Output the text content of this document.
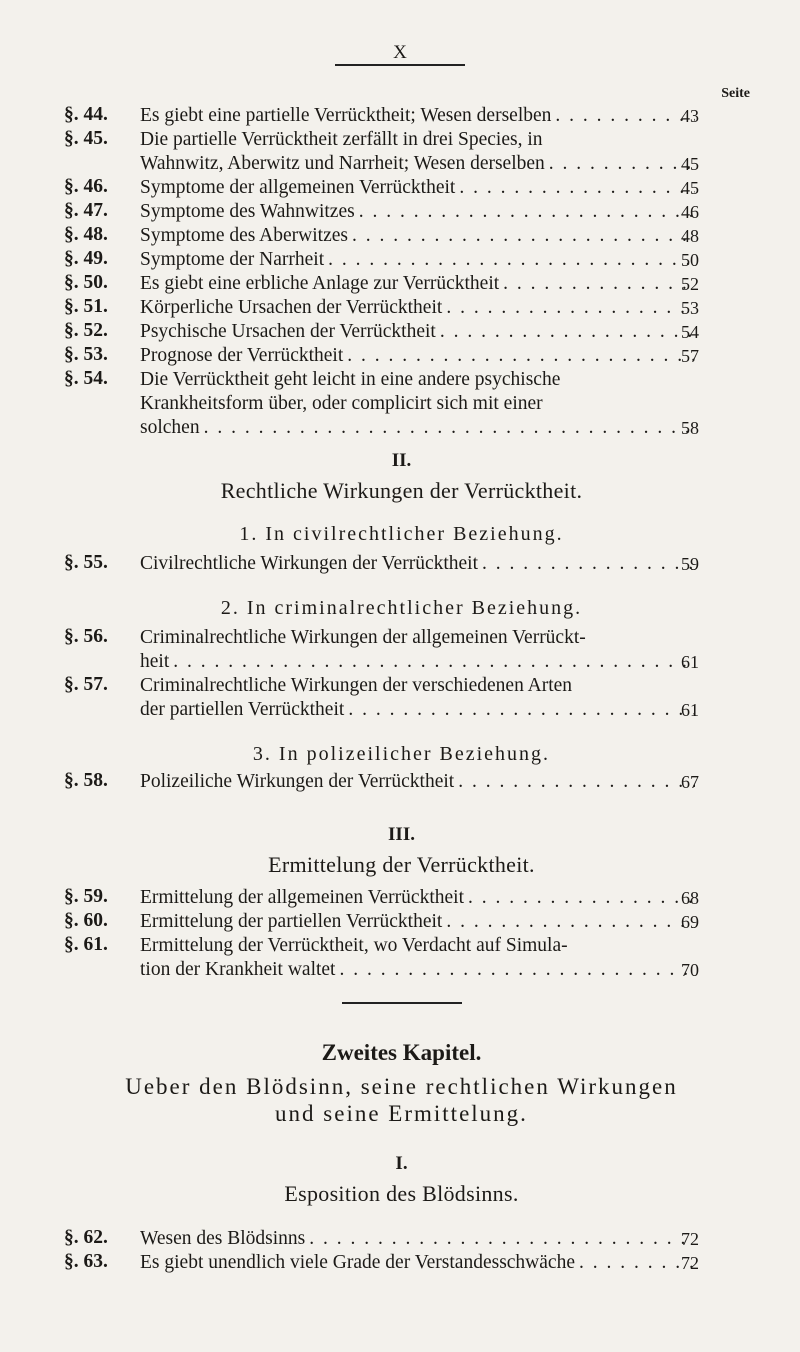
X
Seite
§. 44.	Es giebt eine partielle Verrücktheit; Wesen derselben . . .	43
§. 45.	Die partielle Verrücktheit zerfällt in drei Species, in
Wahnwitz, Aberwitz und Narrheit; Wesen derselben . . .	45
§. 46.	Symptome der allgemeinen Verrücktheit . . .	45
§. 47.	Symptome des Wahnwitzes . . .	46
§. 48.	Symptome des Aberwitzes . . .	48
§. 49.	Symptome der Narrheit . . .	50
§. 50.	Es giebt eine erbliche Anlage zur Verrücktheit . . .	52
§. 51.	Körperliche Ursachen der Verrücktheit . . .	53
§. 52.	Psychische Ursachen der Verrücktheit . . .	54
§. 53.	Prognose der Verrücktheit . . .	57
§. 54.	Die Verrücktheit geht leicht in eine andere psychische
Krankheitsform über, oder complicirt sich mit einer
solchen . . .	58
II.
Rechtliche Wirkungen der Verrücktheit.
1. In civilrechtlicher Beziehung.
§. 55.	Civilrechtliche Wirkungen der Verrücktheit . . .	59
2. In criminalrechtlicher Beziehung.
§. 56.	Criminalrechtliche Wirkungen der allgemeinen Verrückt-
heit . . .	61
§. 57.	Criminalrechtliche Wirkungen der verschiedenen Arten
der partiellen Verrücktheit . . .	61
3. In polizeilicher Beziehung.
§. 58.	Polizeiliche Wirkungen der Verrücktheit . . .	67
III.
Ermittelung der Verrücktheit.
§. 59.	Ermittelung der allgemeinen Verrücktheit . . .	68
§. 60.	Ermittelung der partiellen Verrücktheit . . .	69
§. 61.	Ermittelung der Verrücktheit, wo Verdacht auf Simula-
tion der Krankheit waltet . . .	70
Zweites Kapitel.
Ueber den Blödsinn, seine rechtlichen Wirkungen
und seine Ermittelung.
I.
Esposition des Blödsinns.
§. 62.	Wesen des Blödsinns . . .	72
§. 63.	Es giebt unendlich viele Grade der Verstandesschwäche . . .	72
